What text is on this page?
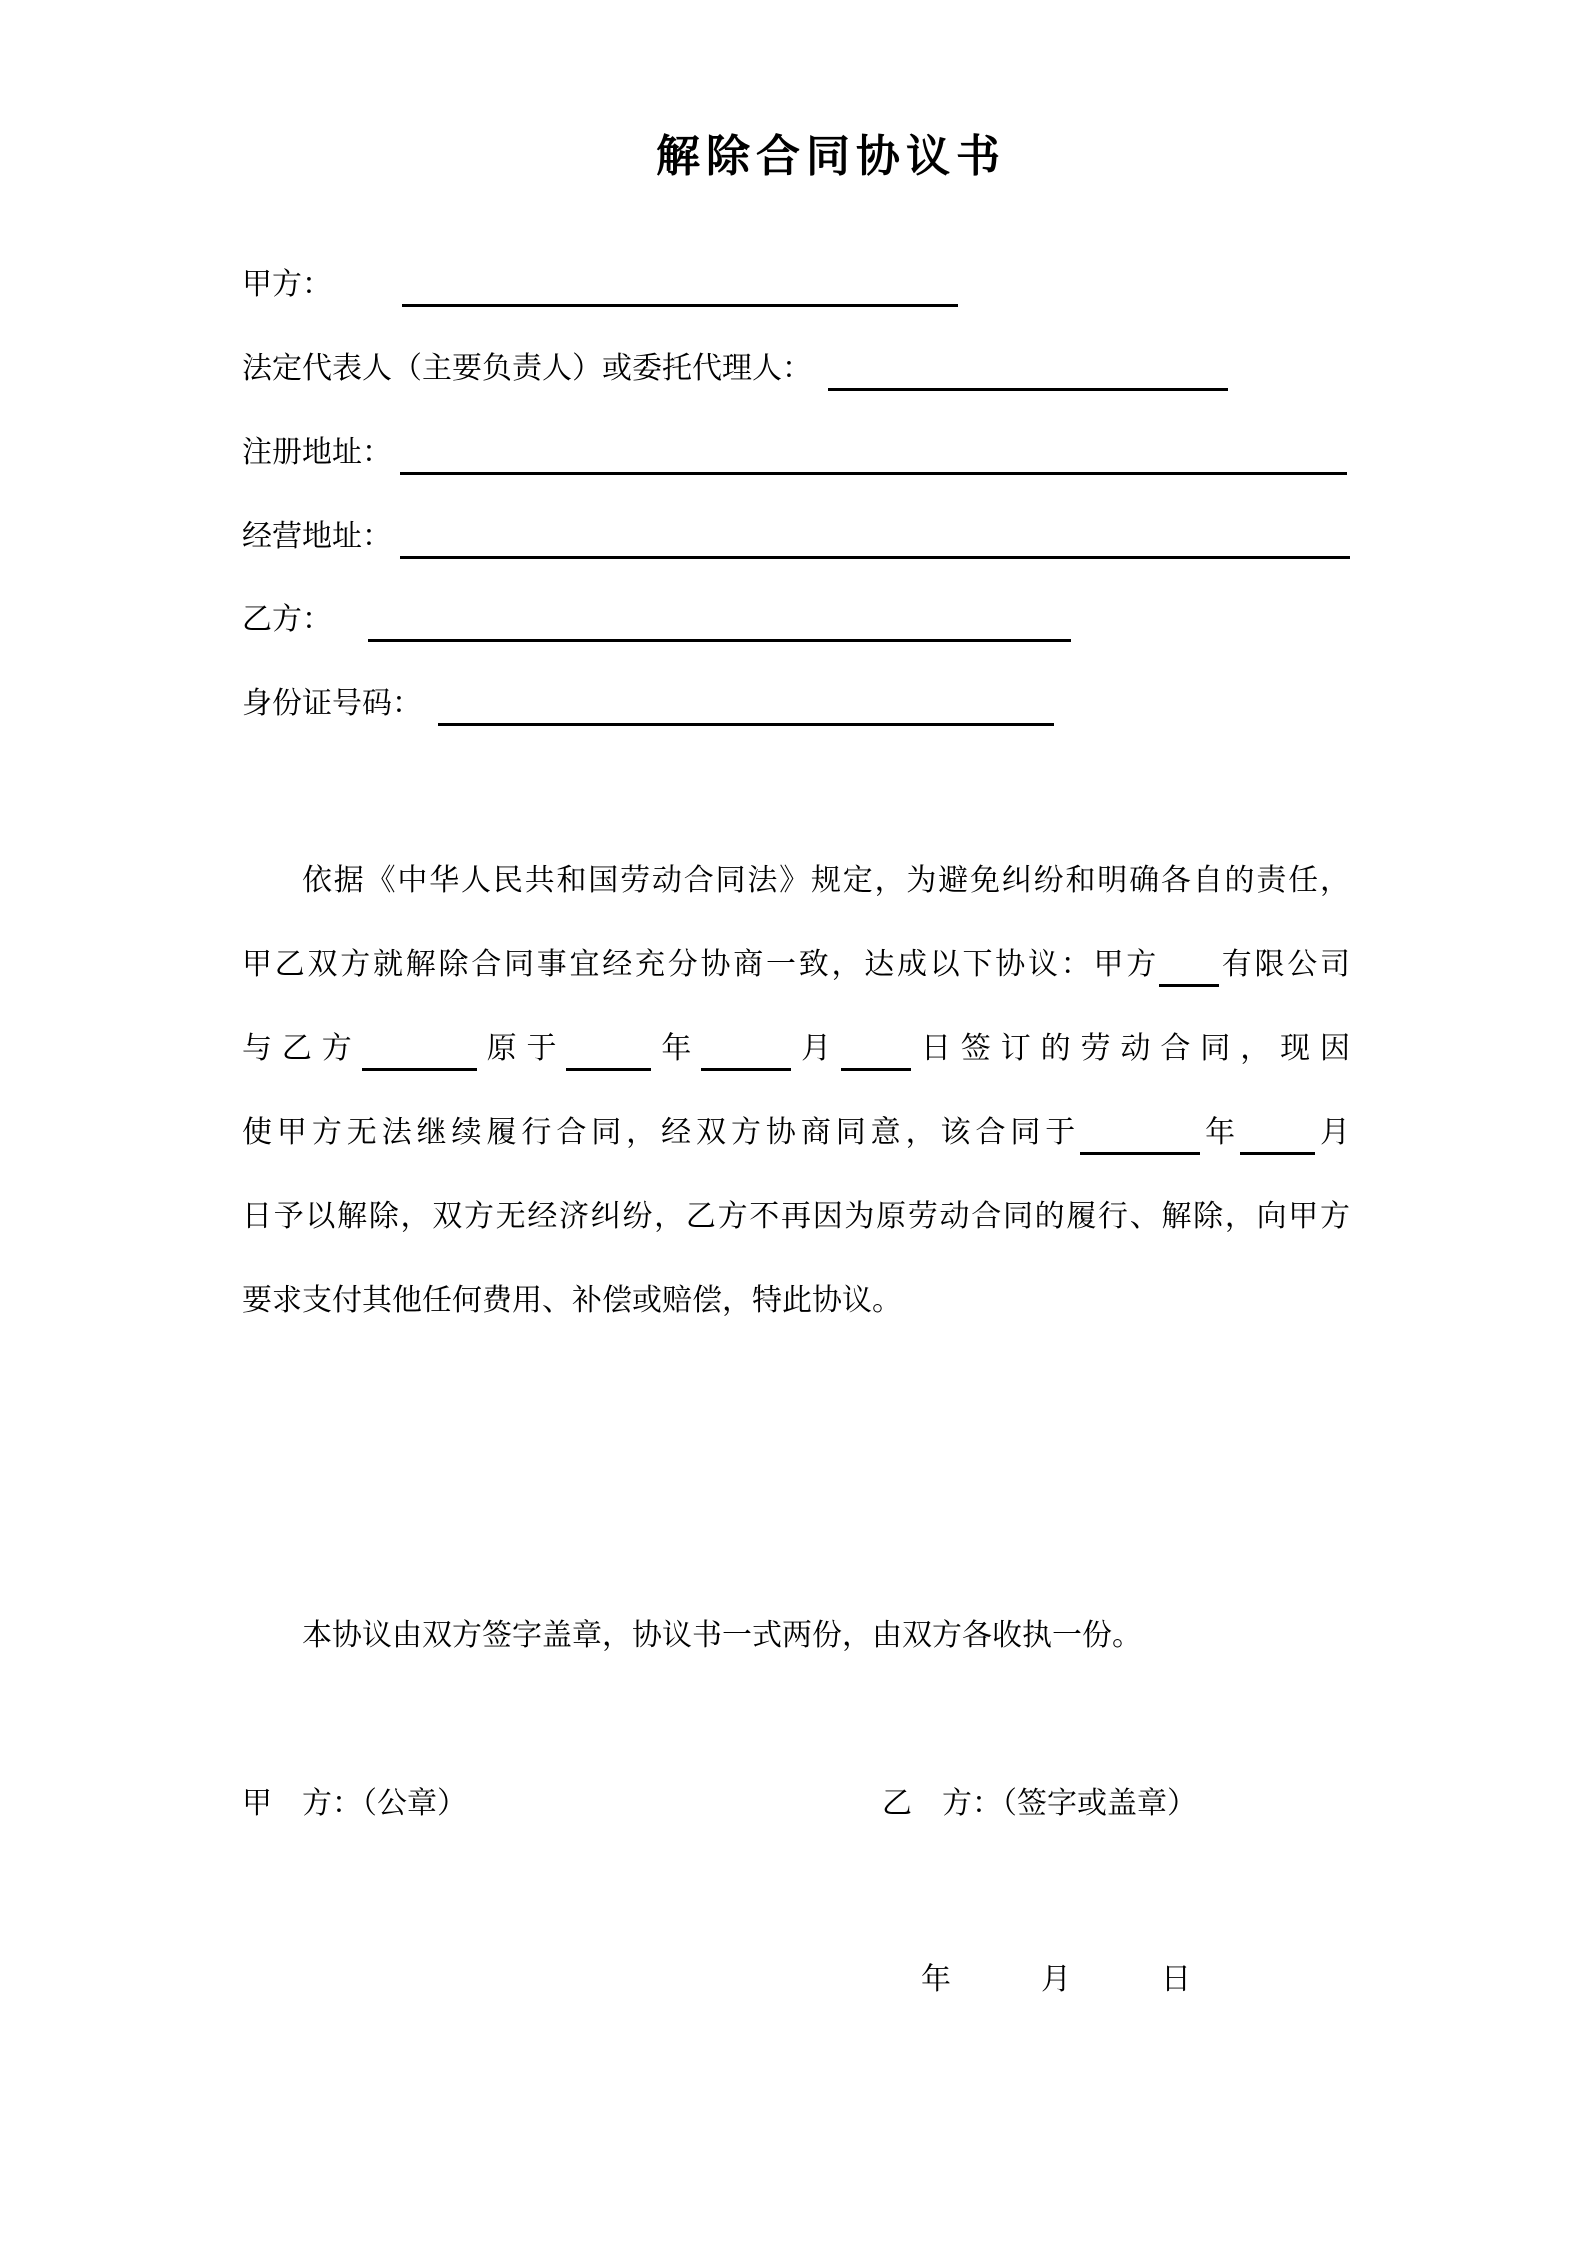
解除合同协议书
甲方：
法定代表人（主要负责人）或委托代理人：
注册地址：
经营地址：
乙方：
身份证号码：
依据《中华人民共和国劳动合同法》规定，为避免纠纷和明确各自的责任，
甲乙双方就解除合同事宜经充分协商一致，达成以下协议：甲方 有限公司
与乙方	原于	年	月 日签订的劳动合同，现因
使甲方无法继续履行合同，经双方协商同意，该合同于	年	月
日予以解除，双方无经济纠纷，乙方不再因为原劳动合同的履行、解除，向甲方
要求支付其他任何费用、补偿或赔偿，特此协议。
本协议由双方签字盖章，协议书一式两份，由双方各收执一份。
甲　方：（公章）	乙　方：（签字或盖章）
年　　月　　日
